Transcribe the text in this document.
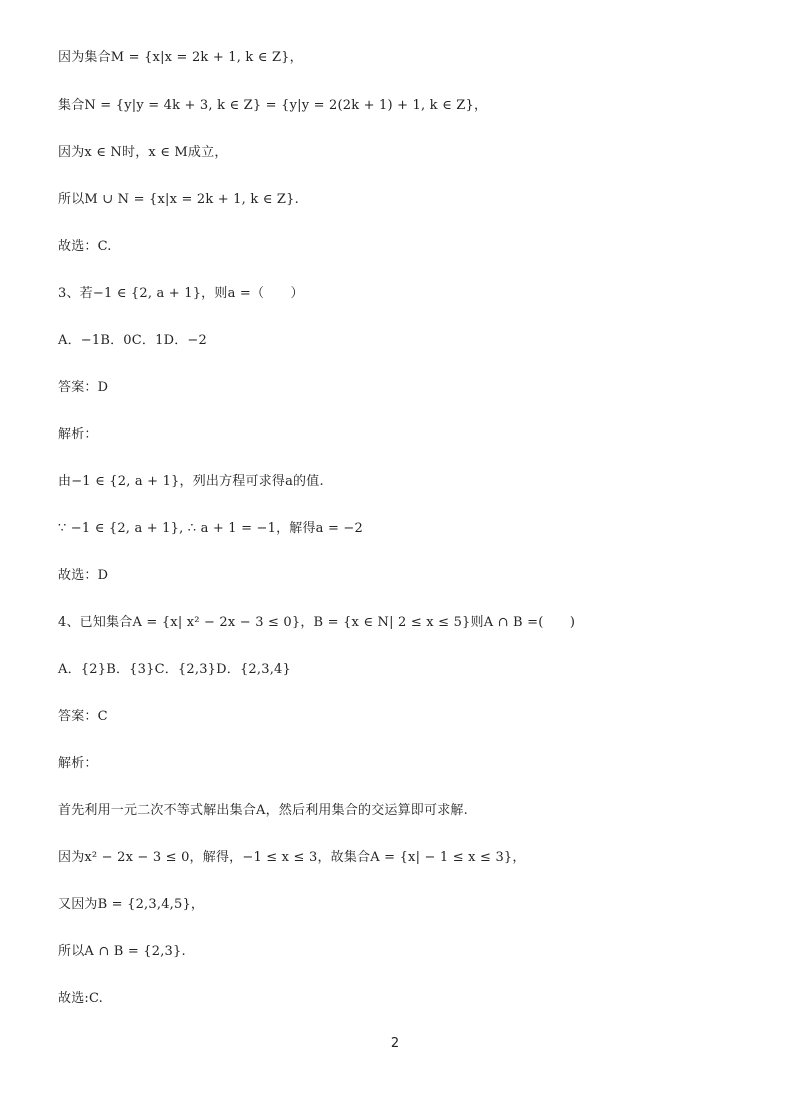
因为集合M = {x|x = 2k + 1, k ∈ Z}，
集合N = {y|y = 4k + 3, k ∈ Z} = {y|y = 2(2k + 1) + 1, k ∈ Z}，
因为x ∈ N时，x ∈ M成立，
所以M ∪ N = {x|x = 2k + 1, k ∈ Z}.
故选：C.
3、若−1 ∈ {2, a + 1}，则a =（　　）
A．−1B．0C．1D．−2
答案：D
解析：
由−1 ∈ {2, a + 1}，列出方程可求得a的值.
∵ −1 ∈ {2, a + 1}, ∴ a + 1 = −1，解得a = −2
故选：D
4、已知集合A = {x| x² − 2x − 3 ≤ 0}，B = {x ∈ N| 2 ≤ x ≤ 5}则A ∩ B =(　　)
A．{2}B．{3}C．{2,3}D．{2,3,4}
答案：C
解析：
首先利用一元二次不等式解出集合A，然后利用集合的交运算即可求解.
因为x² − 2x − 3 ≤ 0，解得，−1 ≤ x ≤ 3，故集合A = {x| − 1 ≤ x ≤ 3}，
又因为B = {2,3,4,5}，
所以A ∩ B = {2,3}.
故选:C.
2
